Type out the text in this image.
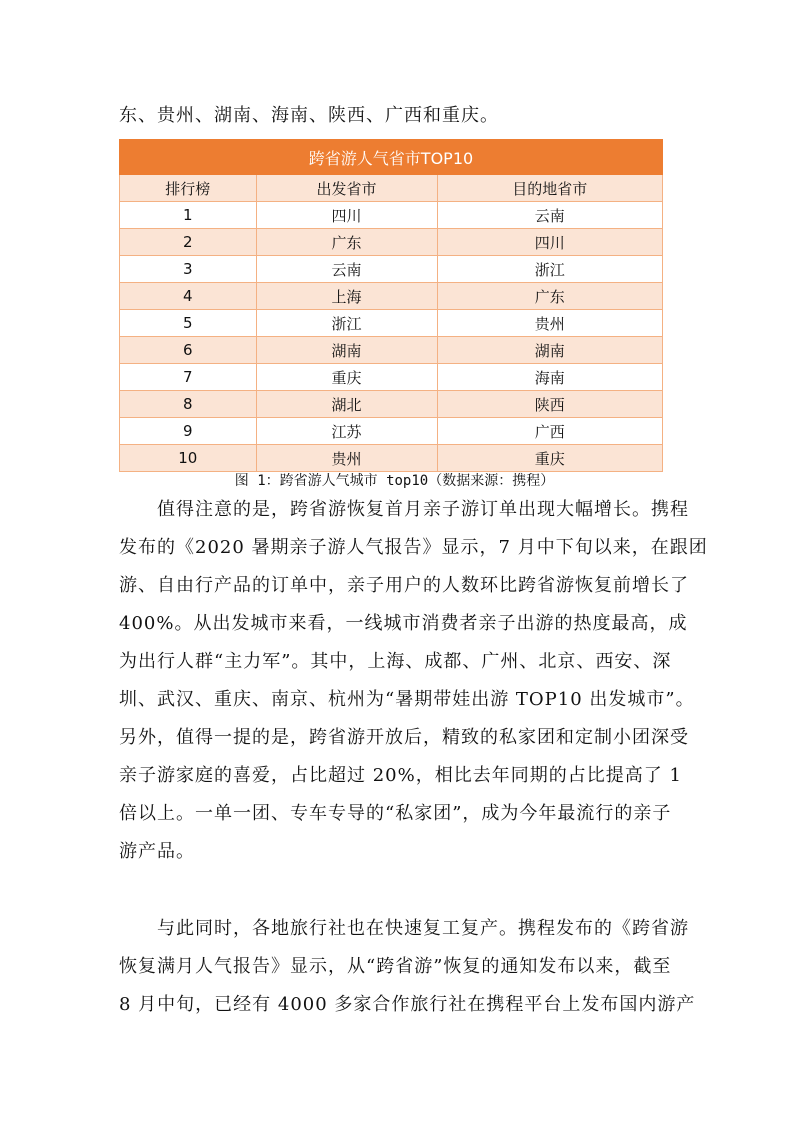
东、贵州、湖南、海南、陕西、广西和重庆。
跨省游人气省市TOP10		
排行榜	出发省市	目的地省市
1	四川	云南
2	广东	四川
3	云南	浙江
4	上海	广东
5	浙江	贵州
6	湖南	湖南
7	重庆	海南
8	湖北	陕西
9	江苏	广西
10	贵州	重庆
图 1：跨省游人气城市 top10（数据来源：携程）
值得注意的是，跨省游恢复首月亲子游订单出现大幅增长。携程
发布的《2020 暑期亲子游人气报告》显示，7 月中下旬以来，在跟团
游、自由行产品的订单中，亲子用户的人数环比跨省游恢复前增长了
400%。从出发城市来看，一线城市消费者亲子出游的热度最高，成
为出行人群“主力军”。其中，上海、成都、广州、北京、西安、深
圳、武汉、重庆、南京、杭州为“暑期带娃出游 TOP10 出发城市”。
另外，值得一提的是，跨省游开放后，精致的私家团和定制小团深受
亲子游家庭的喜爱，占比超过 20%，相比去年同期的占比提高了 1
倍以上。一单一团、专车专导的“私家团”，成为今年最流行的亲子
游产品。
与此同时，各地旅行社也在快速复工复产。携程发布的《跨省游
恢复满月人气报告》显示，从“跨省游”恢复的通知发布以来，截至
8 月中旬，已经有 4000 多家合作旅行社在携程平台上发布国内游产
